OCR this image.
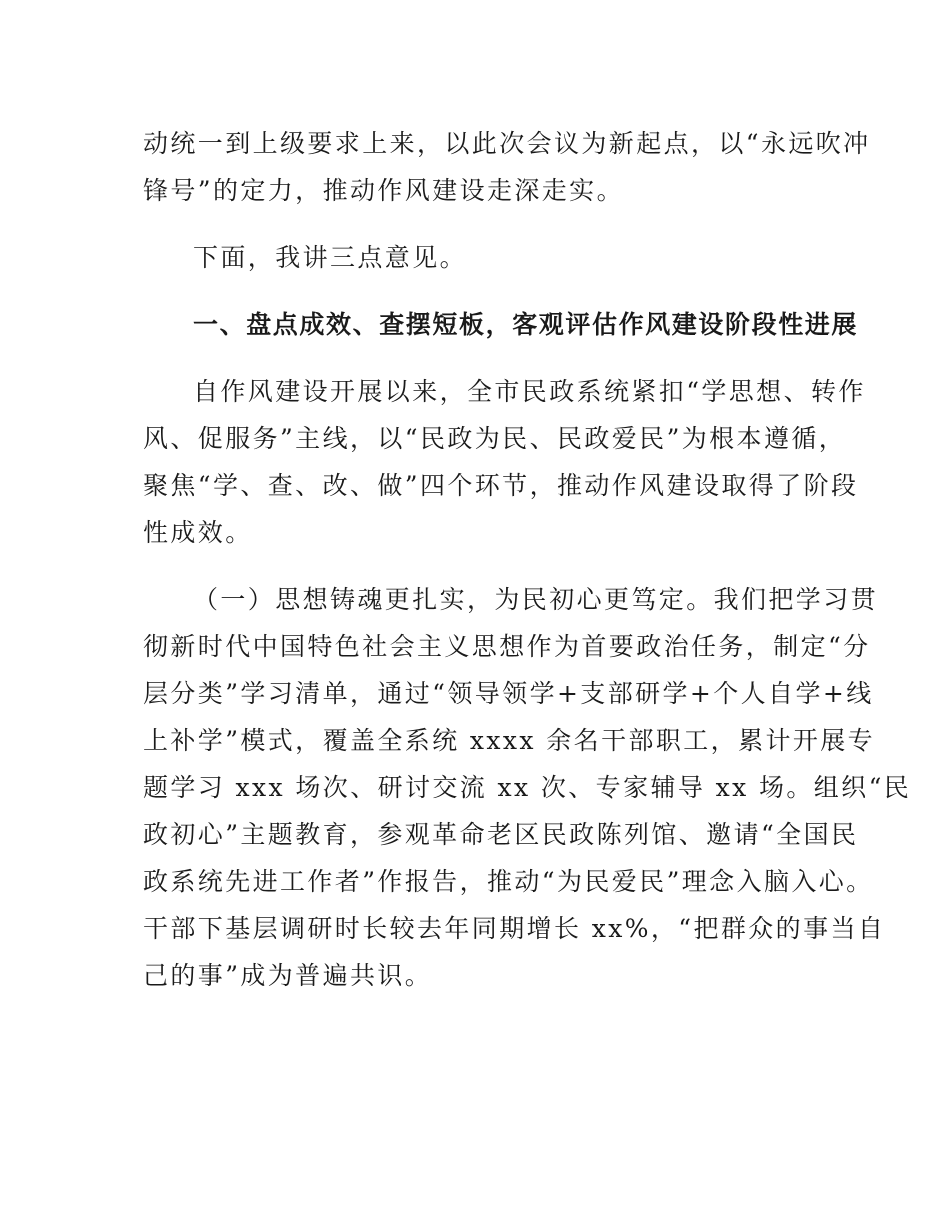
动统一到上级要求上来，以此次会议为新起点，以“永远吹冲
锋号”的定力，推动作风建设走深走实。
下面，我讲三点意见。
一、盘点成效、查摆短板，客观评估作风建设阶段性进展
自作风建设开展以来，全市民政系统紧扣“学思想、转作
风、促服务”主线，以“民政为民、民政爱民”为根本遵循，
聚焦“学、查、改、做”四个环节，推动作风建设取得了阶段
性成效。
（一）思想铸魂更扎实，为民初心更笃定。我们把学习贯
彻新时代中国特色社会主义思想作为首要政治任务，制定“分
层分类”学习清单，通过“领导领学+支部研学+个人自学+线
上补学”模式，覆盖全系统 xxxx 余名干部职工，累计开展专
题学习 xxx 场次、研讨交流 xx 次、专家辅导 xx 场。组织“民
政初心”主题教育，参观革命老区民政陈列馆、邀请“全国民
政系统先进工作者”作报告，推动“为民爱民”理念入脑入心。
干部下基层调研时长较去年同期增长 xx%，“把群众的事当自
己的事”成为普遍共识。
